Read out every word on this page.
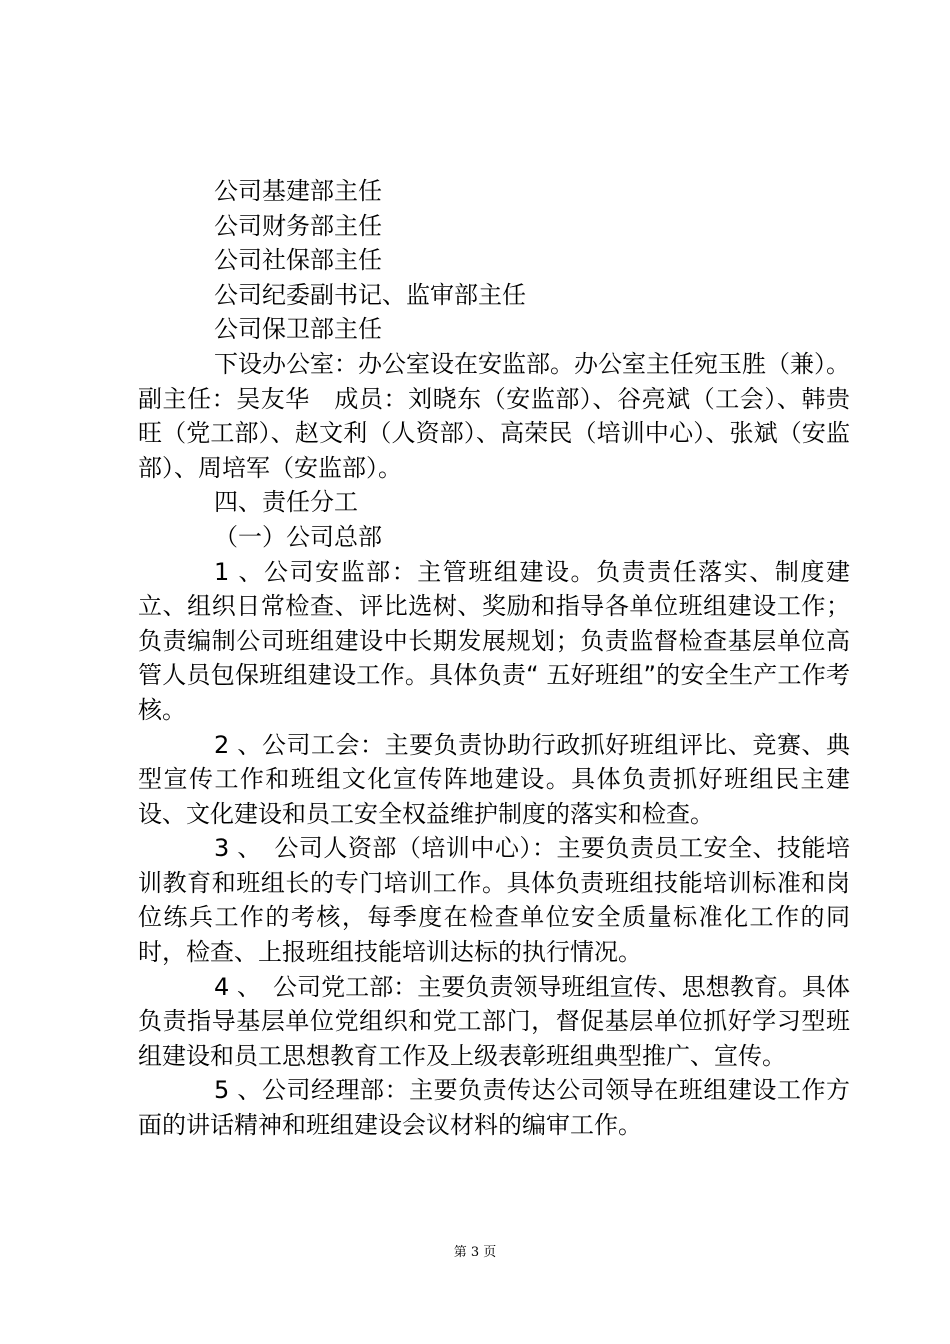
公司基建部主任
公司财务部主任
公司社保部主任
公司纪委副书记、监审部主任
公司保卫部主任
下设办公室：办公室设在安监部。办公室主任宛玉胜（兼）。副主任：吴友华　成员：刘晓东（安监部）、谷亮斌（工会）、韩贵旺（党工部）、赵文利（人资部）、高荣民（培训中心）、张斌（安监部）、周培军（安监部）。
四、责任分工
（一）公司总部
1 、公司安监部：主管班组建设。负责责任落实、制度建立、组织日常检查、评比选树、奖励和指导各单位班组建设工作；负责编制公司班组建设中长期发展规划；负责监督检查基层单位高管人员包保班组建设工作。具体负责“ 五好班组”的安全生产工作考核。
2 、公司工会：主要负责协助行政抓好班组评比、竞赛、典型宣传工作和班组文化宣传阵地建设。具体负责抓好班组民主建设、文化建设和员工安全权益维护制度的落实和检查。
3 、　公司人资部（培训中心）：主要负责员工安全、技能培训教育和班组长的专门培训工作。具体负责班组技能培训标准和岗位练兵工作的考核，每季度在检查单位安全质量标准化工作的同时，检查、上报班组技能培训达标的执行情况。
4 、　公司党工部：主要负责领导班组宣传、思想教育。具体负责指导基层单位党组织和党工部门，督促基层单位抓好学习型班组建设和员工思想教育工作及上级表彰班组典型推广、宣传。
5 、公司经理部：主要负责传达公司领导在班组建设工作方面的讲话精神和班组建设会议材料的编审工作。
第 3 页
